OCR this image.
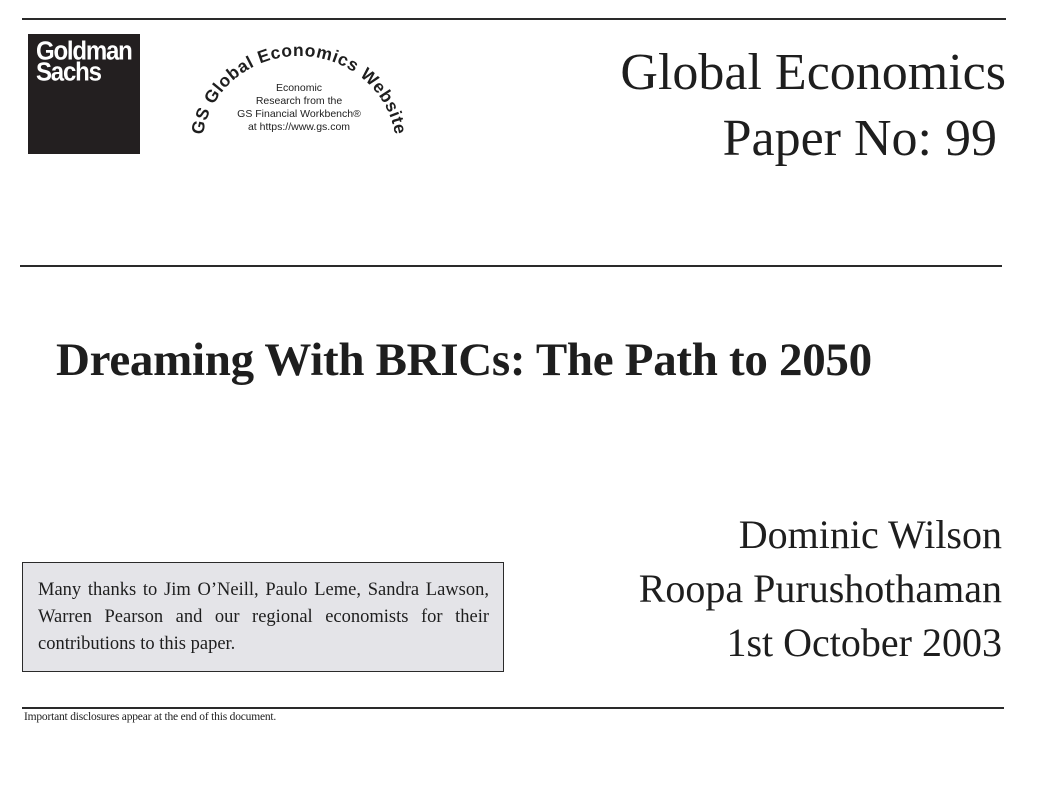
Goldman
Sachs
GS Global Economics Website
Economic
Research from the
GS Financial Workbench®
at https://www.gs.com
Global Economics
Paper No: 99
Dreaming With BRICs: The Path to 2050
Dominic Wilson
Roopa Purushothaman
1st October 2003

Many thanks to Jim O’Neill, Paulo Leme, Sandra Lawson, Warren Pearson and our regional economists for their contributions to this paper.

Important disclosures appear at the end of this document.
